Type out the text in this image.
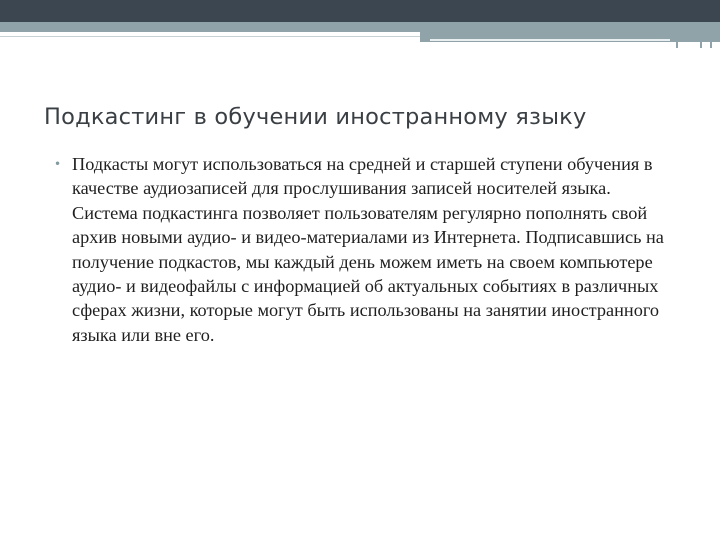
Подкастинг в обучении иностранному языку
• Подкасты могут использоваться на средней и старшей ступени обучения в качестве аудиозаписей для прослушивания записей носителей языка. Система подкастинга позволяет пользователям регулярно пополнять свой архив новыми аудио- и видео-материалами из Интернета. Подписавшись на получение подкастов, мы каждый день можем иметь на своем компьютере аудио- и видеофайлы с информацией об актуальных событиях в различных сферах жизни, которые могут быть использованы на занятии иностранного языка или вне его.
